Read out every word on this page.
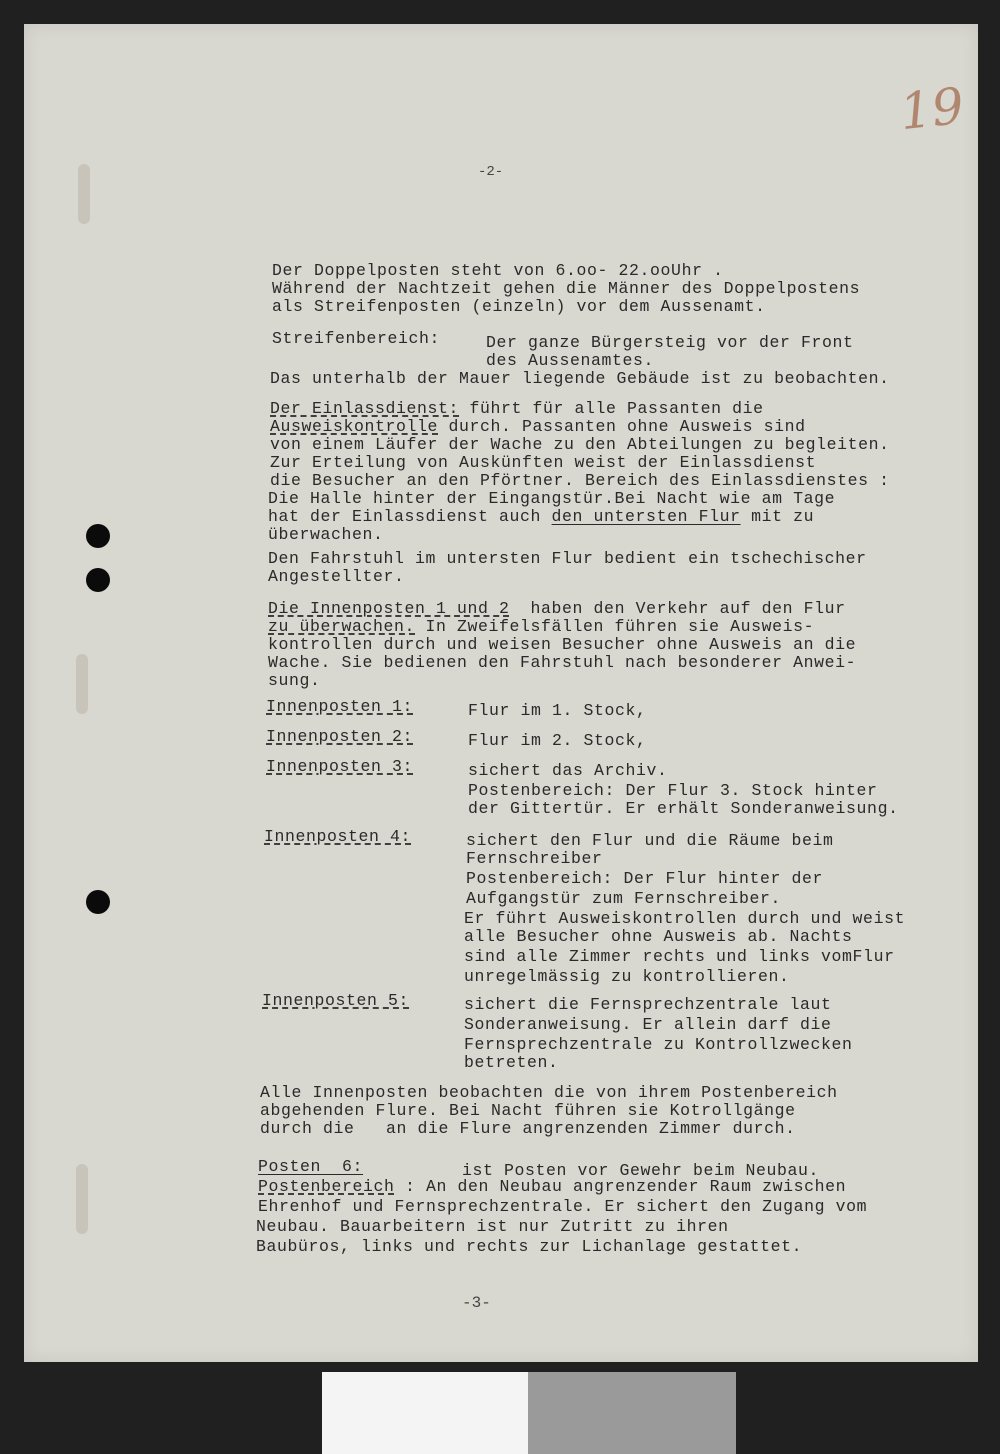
19
-2-
Der Doppelposten steht von 6.oo- 22.ooUhr .
Während der Nachtzeit gehen die Männer des Doppelpostens
als Streifenposten (einzeln) vor dem Aussenamt.
Streifenbereich:	Der ganze Bürgersteig vor der Front
des Aussenamtes.
Das unterhalb der Mauer liegende Gebäude ist zu beobachten.
Der Einlassdienst: führt für alle Passanten die
Ausweiskontrolle durch. Passanten ohne Ausweis sind
von einem Läufer der Wache zu den Abteilungen zu begleiten.
Zur Erteilung von Auskünften weist der Einlassdienst
die Besucher an den Pförtner. Bereich des Einlassdienstes :
Die Halle hinter der Eingangstür.Bei Nacht wie am Tage
hat der Einlassdienst auch den untersten Flur mit zu
überwachen.
Den Fahrstuhl im untersten Flur bedient ein tschechischer
Angestellter.
Die Innenposten 1 und 2  haben den Verkehr auf den Flur
zu überwachen. In Zweifelsfällen führen sie Ausweis-
kontrollen durch und weisen Besucher ohne Ausweis an die
Wache. Sie bedienen den Fahrstuhl nach besonderer Anwei-
sung.
Innenposten 1:	Flur im 1. Stock,
Innenposten 2:	Flur im 2. Stock,
Innenposten 3:	sichert das Archiv.
Postenbereich: Der Flur 3. Stock hinter
der Gittertür. Er erhält Sonderanweisung.
Innenposten 4:	sichert den Flur und die Räume beim
Fernschreiber
Postenbereich: Der Flur hinter der
Aufgangstür zum Fernschreiber.
Er führt Ausweiskontrollen durch und weist
alle Besucher ohne Ausweis ab. Nachts
sind alle Zimmer rechts und links vomFlur
unregelmässig zu kontrollieren.
Innenposten 5:	sichert die Fernsprechzentrale laut
Sonderanweisung. Er allein darf die
Fernsprechzentrale zu Kontrollzwecken
betreten.
Alle Innenposten beobachten die von ihrem Postenbereich
abgehenden Flure. Bei Nacht führen sie Kotrollgänge
durch die   an die Flure angrenzenden Zimmer durch.
Posten  6:	ist Posten vor Gewehr beim Neubau.
Postenbereich : An den Neubau angrenzender Raum zwischen
Ehrenhof und Fernsprechzentrale. Er sichert den Zugang vom
Neubau. Bauarbeitern ist nur Zutritt zu ihren
Baubüros, links und rechts zur Lichanlage gestattet.
-3-
